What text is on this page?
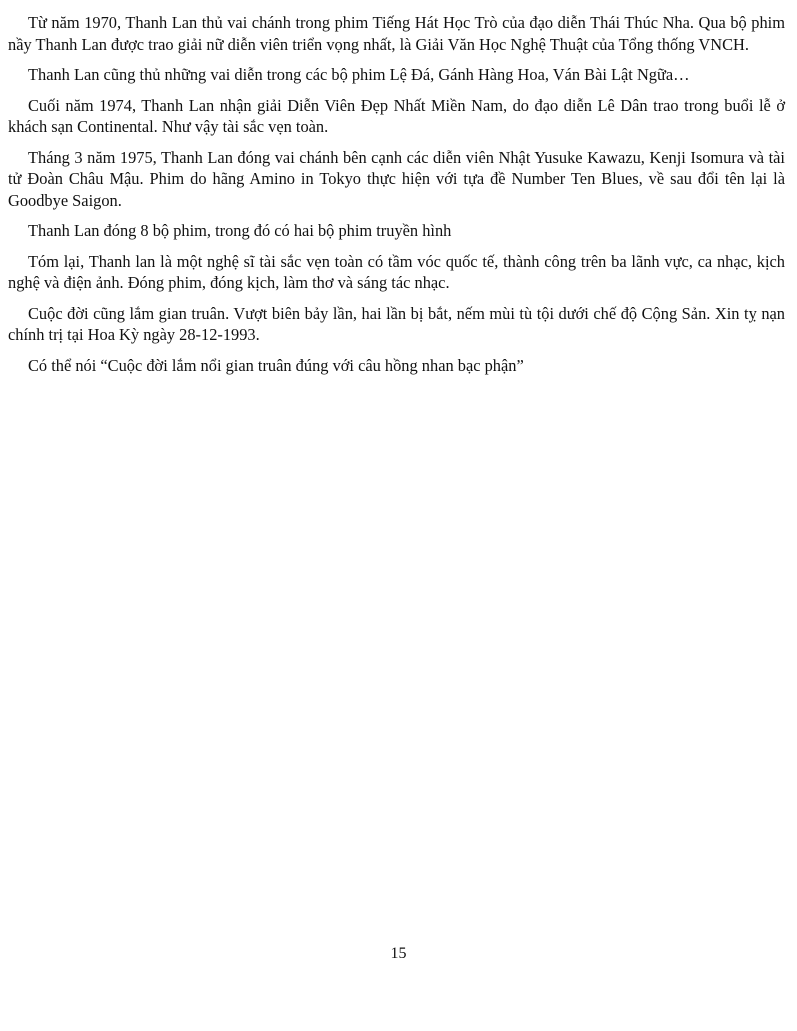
Từ năm 1970, Thanh Lan thủ vai chánh trong phim Tiếng Hát Học Trò của đạo diễn Thái Thúc Nha. Qua bộ phim nầy Thanh Lan được trao giải nữ diễn viên triển vọng nhất, là Giải Văn Học Nghệ Thuật của Tổng thống VNCH.

Thanh Lan cũng thủ những vai diễn trong các bộ phim Lệ Đá, Gánh Hàng Hoa, Ván Bài Lật Ngữa…

Cuối năm 1974, Thanh Lan nhận giải Diễn Viên Đẹp Nhất Miền Nam, do đạo diễn Lê Dân trao trong buổi lễ ở khách sạn Continental. Như vậy tài sắc vẹn toàn.

Tháng 3 năm 1975, Thanh Lan đóng vai chánh bên cạnh các diễn viên Nhật Yusuke Kawazu, Kenji Isomura và tài tử Đoàn Châu Mậu. Phim do hãng Amino in Tokyo thực hiện với tựa đề Number Ten Blues, về sau đổi tên lại là Goodbye Saigon.

Thanh Lan đóng 8 bộ phim, trong đó có hai bộ phim truyền hình

Tóm lại, Thanh lan là một nghệ sĩ tài sắc vẹn toàn có tầm vóc quốc tế, thành công trên ba lãnh vực, ca nhạc, kịch nghệ và điện ảnh. Đóng phim, đóng kịch, làm thơ và sáng tác nhạc.

Cuộc đời cũng lắm gian truân. Vượt biên bảy lần, hai lần bị bắt, nếm mùi tù tội dưới chế độ Cộng Sản. Xin tỵ nạn chính trị tại Hoa Kỳ ngày 28-12-1993.

Có thể nói “Cuộc đời lắm nổi gian truân đúng với câu hồng nhan bạc phận”

15
